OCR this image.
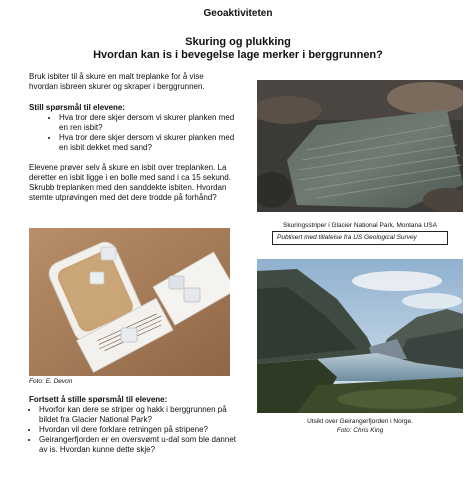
Geoaktiviteten
Skuring og plukking
Hvordan kan is i bevegelse lage merker i berggrunnen?
Bruk isbiter til å skure en malt treplanke for å vise hvordan isbreen skurer og skraper i berggrunnen.
Still spørsmål til elevene:
• Hva tror dere skjer dersom vi skurer planken med en ren isbit?
• Hva tror dere skjer dersom vi skurer planken med en isbit dekket med sand?
Elevene prøver selv å skure en isbit over treplanken. La deretter en isbit ligge i en bolle med sand i ca 15 sekund. Skrubb treplanken med den sanddekte isbiten. Hvordan stemte utprøvingen med det dere trodde på forhånd?
Foto: E. Devon
Fortsett å stille spørsmål til elevene:
• Hvorfor kan dere se striper og hakk i berggrunnen på bildet fra Glacier National Park?
• Hvordan vil dere forklare retningen på stripene?
• Geirangerfjorden er en oversvømt u-dal som ble dannet av is. Hvordan kunne dette skje?
Skuringsstriper i Glacier National Park, Montana USA
Publisert med tillatelse fra US Geological Survey
Utsikt over Geirangerfjorden i Norge.
Foto: Chris King
